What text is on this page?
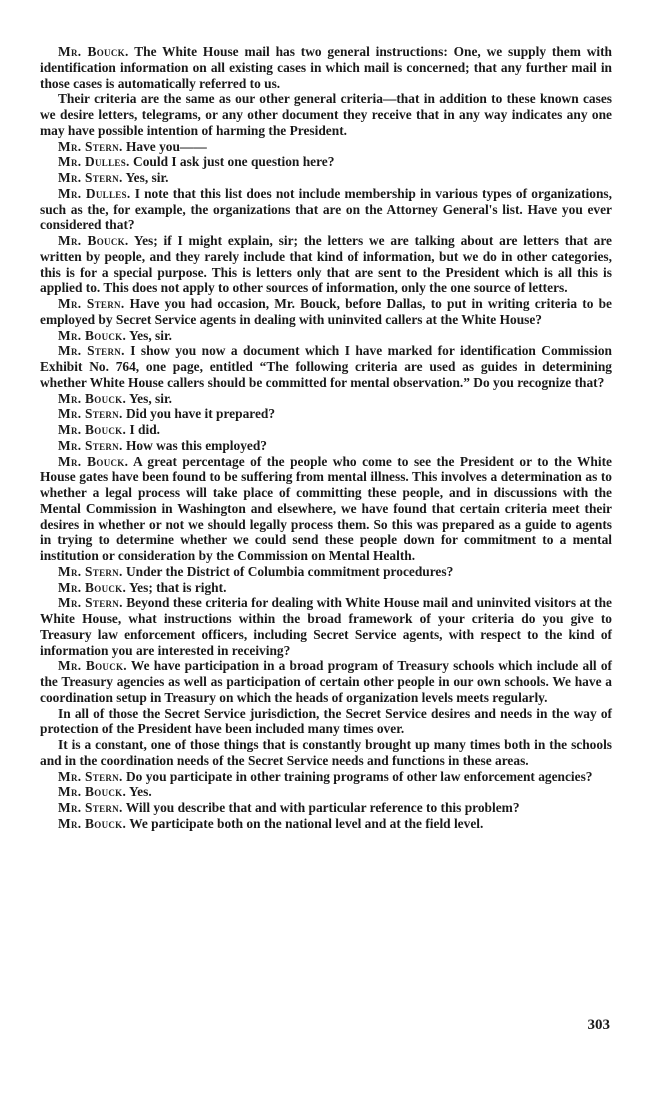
Mr. Bouck. The White House mail has two general instructions: One, we supply them with identification information on all existing cases in which mail is concerned; that any further mail in those cases is automatically referred to us.

Their criteria are the same as our other general criteria—that in addition to these known cases we desire letters, telegrams, or any other document they receive that in any way indicates any one may have possible intention of harming the President.

Mr. Stern. Have you——

Mr. Dulles. Could I ask just one question here?

Mr. Stern. Yes, sir.

Mr. Dulles. I note that this list does not include membership in various types of organizations, such as the, for example, the organizations that are on the Attorney General's list. Have you ever considered that?

Mr. Bouck. Yes; if I might explain, sir; the letters we are talking about are letters that are written by people, and they rarely include that kind of information, but we do in other categories, this is for a special purpose. This is letters only that are sent to the President which is all this is applied to. This does not apply to other sources of information, only the one source of letters.

Mr. Stern. Have you had occasion, Mr. Bouck, before Dallas, to put in writing criteria to be employed by Secret Service agents in dealing with uninvited callers at the White House?

Mr. Bouck. Yes, sir.

Mr. Stern. I show you now a document which I have marked for identification Commission Exhibit No. 764, one page, entitled “The following criteria are used as guides in determining whether White House callers should be committed for mental observation.” Do you recognize that?

Mr. Bouck. Yes, sir.

Mr. Stern. Did you have it prepared?

Mr. Bouck. I did.

Mr. Stern. How was this employed?

Mr. Bouck. A great percentage of the people who come to see the President or to the White House gates have been found to be suffering from mental illness. This involves a determination as to whether a legal process will take place of committing these people, and in discussions with the Mental Commission in Washington and elsewhere, we have found that certain criteria meet their desires in whether or not we should legally process them. So this was prepared as a guide to agents in trying to determine whether we could send these people down for commitment to a mental institution or consideration by the Commission on Mental Health.

Mr. Stern. Under the District of Columbia commitment procedures?

Mr. Bouck. Yes; that is right.

Mr. Stern. Beyond these criteria for dealing with White House mail and uninvited visitors at the White House, what instructions within the broad framework of your criteria do you give to Treasury law enforcement officers, including Secret Service agents, with respect to the kind of information you are interested in receiving?

Mr. Bouck. We have participation in a broad program of Treasury schools which include all of the Treasury agencies as well as participation of certain other people in our own schools. We have a coordination setup in Treasury on which the heads of organization levels meets regularly.

In all of those the Secret Service jurisdiction, the Secret Service desires and needs in the way of protection of the President have been included many times over.

It is a constant, one of those things that is constantly brought up many times both in the schools and in the coordination needs of the Secret Service needs and functions in these areas.

Mr. Stern. Do you participate in other training programs of other law enforcement agencies?

Mr. Bouck. Yes.

Mr. Stern. Will you describe that and with particular reference to this problem?

Mr. Bouck. We participate both on the national level and at the field level.

303
